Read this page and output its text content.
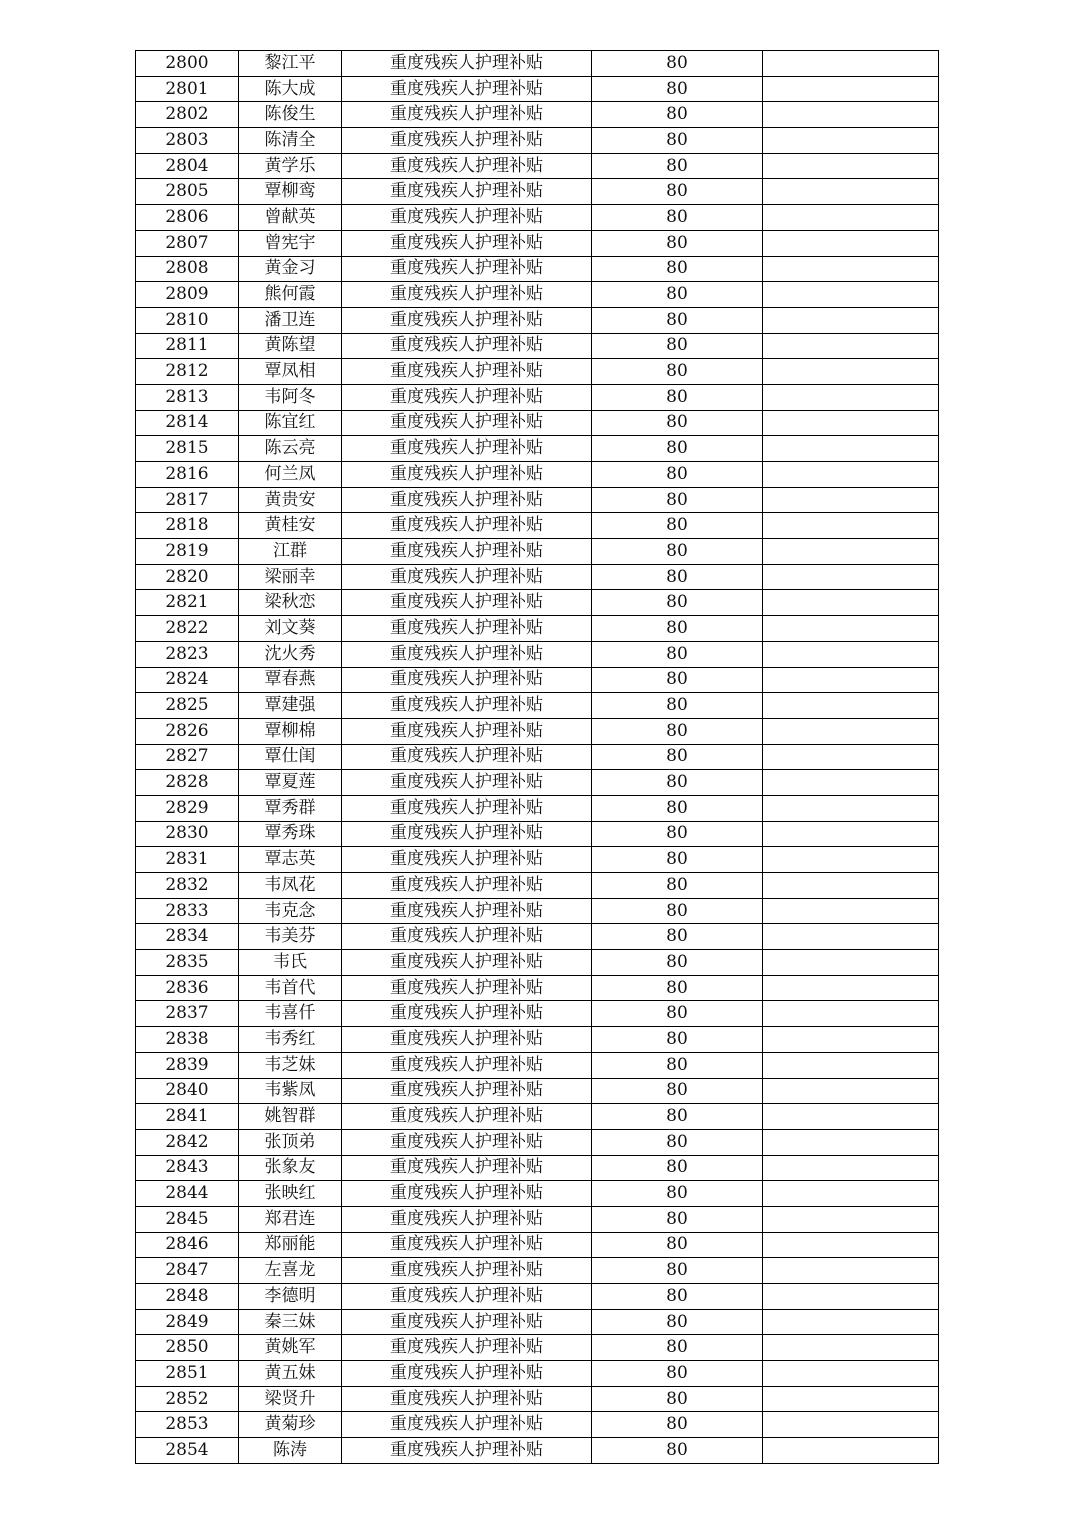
2800	黎江平	重度残疾人护理补贴	80	
2801	陈大成	重度残疾人护理补贴	80	
2802	陈俊生	重度残疾人护理补贴	80	
2803	陈清全	重度残疾人护理补贴	80	
2804	黄学乐	重度残疾人护理补贴	80	
2805	覃柳鸾	重度残疾人护理补贴	80	
2806	曾献英	重度残疾人护理补贴	80	
2807	曾宪宇	重度残疾人护理补贴	80	
2808	黄金习	重度残疾人护理补贴	80	
2809	熊何霞	重度残疾人护理补贴	80	
2810	潘卫连	重度残疾人护理补贴	80	
2811	黄陈望	重度残疾人护理补贴	80	
2812	覃凤相	重度残疾人护理补贴	80	
2813	韦阿冬	重度残疾人护理补贴	80	
2814	陈宜红	重度残疾人护理补贴	80	
2815	陈云亮	重度残疾人护理补贴	80	
2816	何兰凤	重度残疾人护理补贴	80	
2817	黄贵安	重度残疾人护理补贴	80	
2818	黄桂安	重度残疾人护理补贴	80	
2819	江群	重度残疾人护理补贴	80	
2820	梁丽幸	重度残疾人护理补贴	80	
2821	梁秋恋	重度残疾人护理补贴	80	
2822	刘文葵	重度残疾人护理补贴	80	
2823	沈火秀	重度残疾人护理补贴	80	
2824	覃春燕	重度残疾人护理补贴	80	
2825	覃建强	重度残疾人护理补贴	80	
2826	覃柳棉	重度残疾人护理补贴	80	
2827	覃仕闺	重度残疾人护理补贴	80	
2828	覃夏莲	重度残疾人护理补贴	80	
2829	覃秀群	重度残疾人护理补贴	80	
2830	覃秀珠	重度残疾人护理补贴	80	
2831	覃志英	重度残疾人护理补贴	80	
2832	韦凤花	重度残疾人护理补贴	80	
2833	韦克念	重度残疾人护理补贴	80	
2834	韦美芬	重度残疾人护理补贴	80	
2835	韦氏	重度残疾人护理补贴	80	
2836	韦首代	重度残疾人护理补贴	80	
2837	韦喜仟	重度残疾人护理补贴	80	
2838	韦秀红	重度残疾人护理补贴	80	
2839	韦芝妹	重度残疾人护理补贴	80	
2840	韦紫凤	重度残疾人护理补贴	80	
2841	姚智群	重度残疾人护理补贴	80	
2842	张顶弟	重度残疾人护理补贴	80	
2843	张象友	重度残疾人护理补贴	80	
2844	张映红	重度残疾人护理补贴	80	
2845	郑君连	重度残疾人护理补贴	80	
2846	郑丽能	重度残疾人护理补贴	80	
2847	左喜龙	重度残疾人护理补贴	80	
2848	李德明	重度残疾人护理补贴	80	
2849	秦三妹	重度残疾人护理补贴	80	
2850	黄姚军	重度残疾人护理补贴	80	
2851	黄五妹	重度残疾人护理补贴	80	
2852	梁贤升	重度残疾人护理补贴	80	
2853	黄菊珍	重度残疾人护理补贴	80	
2854	陈涛	重度残疾人护理补贴	80	
